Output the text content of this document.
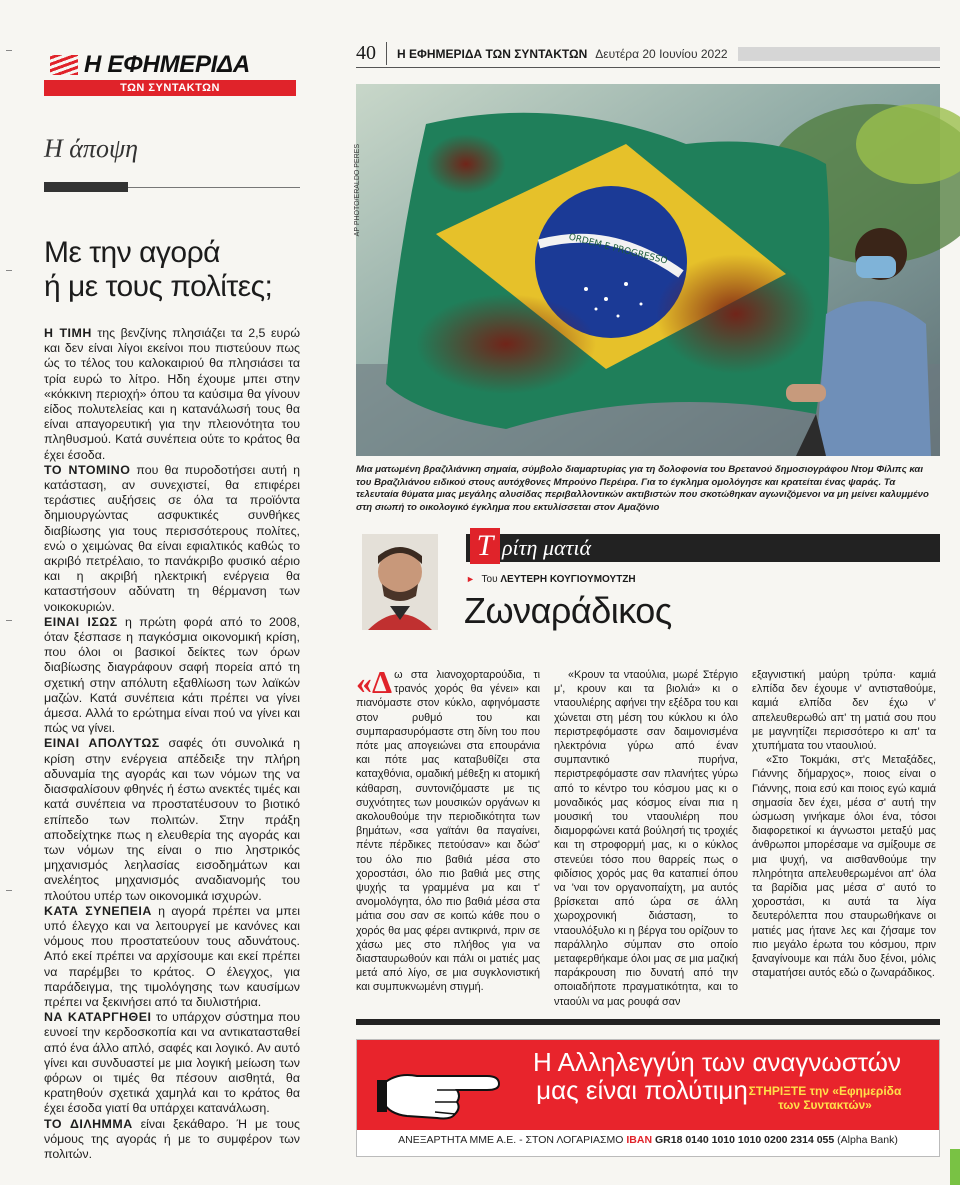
Η ΕΦΗΜΕΡΙΔΑ
ΤΩΝ ΣΥΝΤΑΚΤΩΝ
Η άποψη
Με την αγορά
ή με τους πολίτες;

Η ΤΙΜΗ της βενζίνης πλησιάζει τα 2,5 ευρώ και δεν είναι λίγοι εκείνοι που πιστεύουν πως ώς το τέλος του καλοκαιριού θα πλησιάσει τα τρία ευρώ το λίτρο. Ηδη έχουμε μπει στην «κόκκινη περιοχή» όπου τα καύσιμα θα γίνουν είδος πολυτελείας και η κατανάλωσή τους θα είναι απαγορευτική για την πλειονότητα του πληθυσμού. Κατά συνέπεια ούτε το κράτος θα έχει έσοδα.

ΤΟ ΝΤΟΜΙΝΟ που θα πυροδοτήσει αυτή η κατάσταση, αν συνεχιστεί, θα επιφέρει τεράστιες αυξήσεις σε όλα τα προϊόντα δημιουργώντας ασφυκτικές συνθήκες διαβίωσης για τους περισσότερους πολίτες, ενώ ο χειμώνας θα είναι εφιαλτικός καθώς το ακριβό πετρέλαιο, το πανάκριβο φυσικό αέριο και η ακριβή ηλεκτρική ενέργεια θα καταστήσουν αδύνατη τη θέρμανση των νοικοκυριών.

ΕΙΝΑΙ ΙΣΩΣ η πρώτη φορά από το 2008, όταν ξέσπασε η παγκόσμια οικονομική κρίση, που όλοι οι βασικοί δείκτες των όρων διαβίωσης διαγράφουν σαφή πορεία από τη σχετική στην απόλυτη εξαθλίωση των λαϊκών μαζών. Κατά συνέπεια κάτι πρέπει να γίνει άμεσα. Αλλά το ερώτημα είναι πού να γίνει και πώς να γίνει.

ΕΙΝΑΙ ΑΠΟΛΥΤΩΣ σαφές ότι συνολικά η κρίση στην ενέργεια απέδειξε την πλήρη αδυναμία της αγοράς και των νόμων της να διασφαλίσουν φθηνές ή έστω ανεκτές τιμές και κατά συνέπεια να προστατέυσουν το βιοτικό επίπεδο των πολιτών. Στην πράξη αποδείχτηκε πως η ελευθερία της αγοράς και των νόμων της είναι ο πιο ληστρικός μηχανισμός λεηλασίας εισοδημάτων και ανελέητος μηχανισμός αναδιανομής του πλούτου υπέρ των οικονομικά ισχυρών.

ΚΑΤΑ ΣΥΝΕΠΕΙΑ η αγορά πρέπει να μπει υπό έλεγχο και να λειτουργεί με κανόνες και νόμους που προστατεύουν τους αδυνάτους. Από εκεί πρέπει να αρχίσουμε και εκεί πρέπει να παρέμβει το κράτος. Ο έλεγχος, για παράδειγμα, της τιμολόγησης των καυσίμων πρέπει να ξεκινήσει από τα διυλιστήρια.

ΝΑ ΚΑΤΑΡΓΗΘΕΙ το υπάρχον σύστημα που ευνοεί την κερδοσκοπία και να αντικατασταθεί από ένα άλλο απλό, σαφές και λογικό. Αν αυτό γίνει και συνδυαστεί με μια λογική μείωση των φόρων οι τιμές θα πέσουν αισθητά, θα κρατηθούν σχετικά χαμηλά και το κράτος θα έχει έσοδα γιατί θα υπάρχει κατανάλωση.

ΤΟ ΔΙΛΗΜΜΑ είναι ξεκάθαρο. Ή με τους νόμους της αγοράς ή με το συμφέρον των πολιτών.

40	Η ΕΦΗΜΕΡΙΔΑ ΤΩΝ ΣΥΝΤΑΚΤΩΝ Δευτέρα 20 Ιουνίου 2022
ORDEM E PROGRESSO
AP PHOTO/ERALDO PERES
Μια ματωμένη βραζιλιάνικη σημαία, σύμβολο διαμαρτυρίας για τη δολοφονία του Βρετανού δημοσιογράφου Ντομ Φίλιπς και του Βραζιλιάνου ειδικού στους αυτόχθονες Μπρούνο Περέιρα. Για το έγκλημα ομολόγησε και κρατείται ένας ψαράς. Τα τελευταία θύματα μιας μεγάλης αλυσίδας περιβαλλοντικών ακτιβιστών που σκοτώθηκαν αγωνιζόμενοι να μη μείνει καλυμμένο στη σιωπή το οικολογικό έγκλημα που εκτυλίσσεται στον Αμαζόνιο
Τ ρίτη ματιά
► Του ΛΕΥΤΕΡΗ ΚΟΥΓΙΟΥΜΟΥΤΖΗ
Ζωναράδικος

«Δ ω στα λιανοχορταρούδια, τι τρανός χορός θα γένει» και πιανόμαστε στον κύκλο, αφηνόμαστε στον ρυθμό του και συμπαρασυρόμαστε στη δίνη του που πότε μας απογειώνει στα επουράνια και πότε μας καταβυθίζει στα καταχθόνια, ομαδική μέθεξη κι ατομική κάθαρση, συντονιζόμαστε με τις συχνότητες των μουσικών οργάνων κι ακολουθούμε την περιοδικότητα των βημάτων, «σα γαϊτάνι θα παγαίνει, πέντε πέρδικες πετούσαν» και δώσ' του όλο πιο βαθιά μέσα στο χοροστάσι, όλο πιο βαθιά μες στης ψυχής τα γραμμένα μα και τ' ανομολόγητα, όλο πιο βαθιά μέσα στα μάτια σου σαν σε κοιτώ κάθε που ο χορός θα μας φέρει αντικρινά, πριν σε χάσω μες στο πλήθος για να διασταυρωθούν και πάλι οι ματιές μας μετά από λίγο, σε μια συγκλονιστική και συμπυκνωμένη στιγμή.

«Κρουν τα νταούλια, μωρέ Στέργιο μ', κρουν και τα βιολιά» κι ο νταουλιέρης αφήνει την εξέδρα του και χώνεται στη μέση του κύκλου κι όλο περιστρεφόμαστε σαν δαιμονισμένα ηλεκτρόνια γύρω από έναν συμπαντικό πυρήνα, περιστρεφόμαστε σαν πλανήτες γύρω από το κέντρο του κόσμου μας κι ο μοναδικός μας κόσμος είναι πια η μουσική του νταουλιέρη που διαμορφώνει κατά βούλησή τις τροχιές και τη στροφορμή μας, κι ο κύκλος στενεύει τόσο που θαρρείς πως ο φιδίσιος χορός μας θα καταπιεί όπου να 'ναι τον οργανοπαίχτη, μα αυτός βρίσκεται από ώρα σε άλλη χωροχρονική διάσταση, το νταουλόξυλο κι η βέργα του ορίζουν το παράλληλο σύμπαν στο οποίο μεταφερθήκαμε όλοι μας σε μια μαζική παράκρουση πιο δυνατή από την οποιαδήποτε πραγματικότητα, και το νταούλι να μας ρουφά σαν

εξαγνιστική μαύρη τρύπα· καμιά ελπίδα δεν έχουμε ν' αντισταθούμε, καμιά ελπίδα δεν έχω ν' απελευθερωθώ απ' τη ματιά σου που με μαγνητίζει περισσότερο κι απ' τα χτυπήματα του νταουλιού.

«Στο Τοκμάκι, στ'ς Μεταξάδες, Γιάννης δήμαρχος», ποιος είναι ο Γιάννης, ποια εσύ και ποιος εγώ καμιά σημασία δεν έχει, μέσα σ' αυτή την ώσμωση γινήκαμε όλοι ένα, τόσοι διαφορετικοί κι άγνωστοι μεταξύ μας άνθρωποι μπορέσαμε να σμίξουμε σε μια ψυχή, να αισθανθούμε την πληρότητα απελευθερωμένοι απ' όλα τα βαρίδια μας μέσα σ' αυτό το χοροστάσι, κι αυτά τα λίγα δευτερόλεπτα που σταυρωθήκανε οι ματιές μας ήτανε λες και ζήσαμε τον πιο μεγάλο έρωτα του κόσμου, πριν ξαναγίνουμε και πάλι δυο ξένοι, μόλις σταματήσει αυτός εδώ ο ζωναράδικος.

Η Αλληλεγγύη των αναγνωστών
μας είναι πολύτιμη ΣΤΗΡΙΞΤΕ την «Εφημερίδα
των Συντακτών»
ΑΝΕΞΑΡΤΗΤΑ ΜΜΕ Α.Ε. - ΣΤΟΝ ΛΟΓΑΡΙΑΣΜΟ IBAN GR18 0140 1010 1010 0200 2314 055 (Alpha Bank)
